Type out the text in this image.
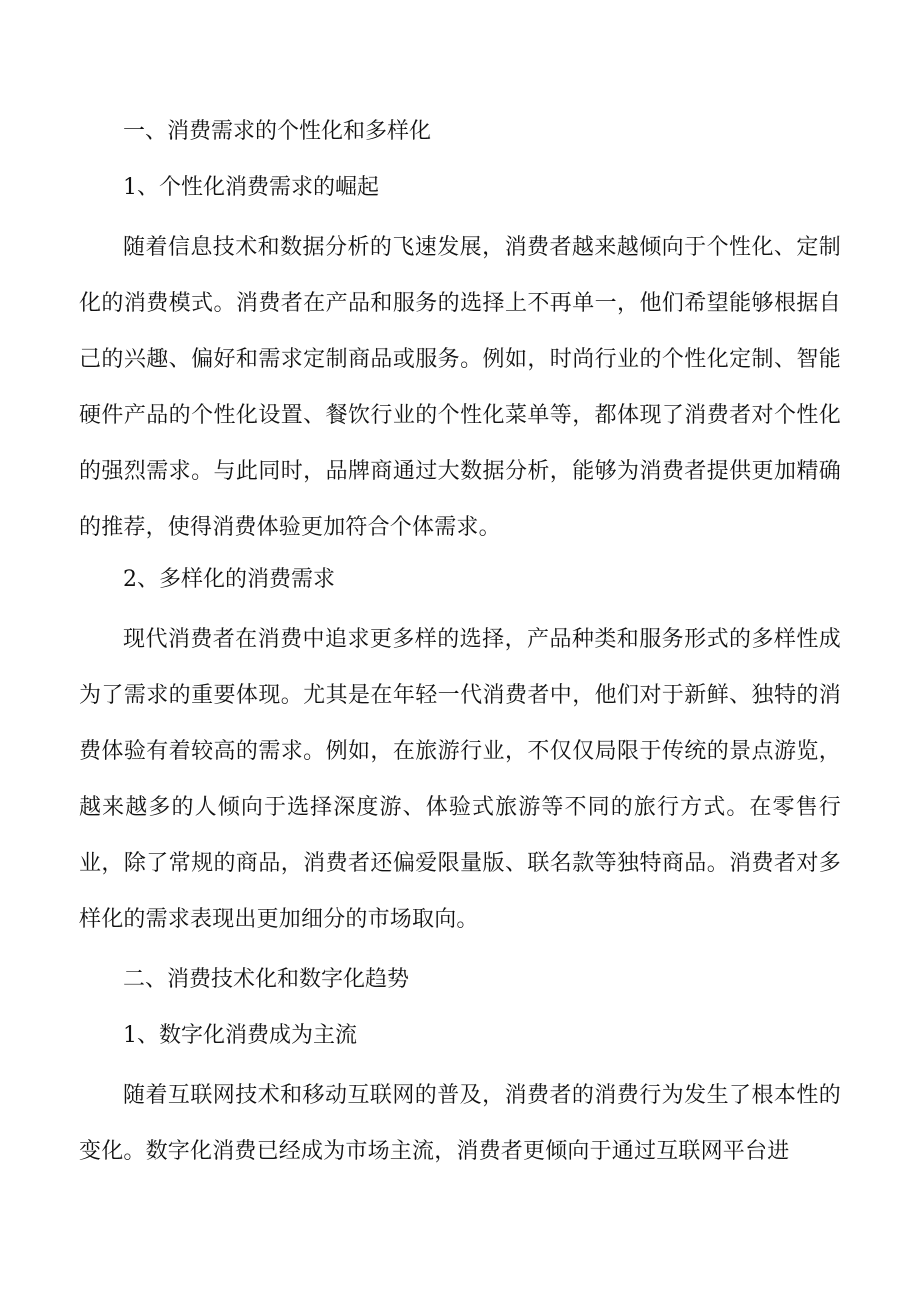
一、消费需求的个性化和多样化
1、个性化消费需求的崛起

随着信息技术和数据分析的飞速发展，消费者越来越倾向于个性化、定制化的消费模式。消费者在产品和服务的选择上不再单一，他们希望能够根据自己的兴趣、偏好和需求定制商品或服务。例如，时尚行业的个性化定制、智能硬件产品的个性化设置、餐饮行业的个性化菜单等，都体现了消费者对个性化的强烈需求。与此同时，品牌商通过大数据分析，能够为消费者提供更加精确的推荐，使得消费体验更加符合个体需求。

2、多样化的消费需求

现代消费者在消费中追求更多样的选择，产品种类和服务形式的多样性成为了需求的重要体现。尤其是在年轻一代消费者中，他们对于新鲜、独特的消费体验有着较高的需求。例如，在旅游行业，不仅仅局限于传统的景点游览，越来越多的人倾向于选择深度游、体验式旅游等不同的旅行方式。在零售行业，除了常规的商品，消费者还偏爱限量版、联名款等独特商品。消费者对多样化的需求表现出更加细分的市场取向。

二、消费技术化和数字化趋势
1、数字化消费成为主流

随着互联网技术和移动互联网的普及，消费者的消费行为发生了根本性的变化。数字化消费已经成为市场主流，消费者更倾向于通过互联网平台进
